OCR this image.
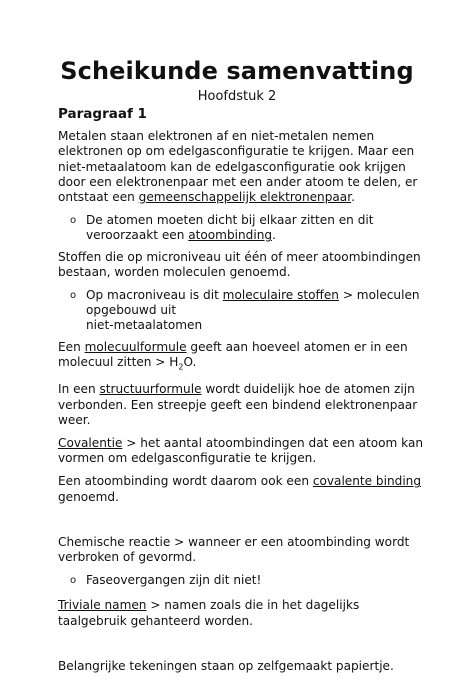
Scheikunde samenvatting
Hoofdstuk 2
Paragraaf 1

Metalen staan elektronen af en niet-metalen nemen elektronen op om edelgasconfiguratie te krijgen. Maar een niet-metaalatoom kan de edelgasconfiguratie ook krijgen door een elektronenpaar met een ander atoom te delen, er ontstaat een gemeenschappelijk elektronenpaar.

o De atomen moeten dicht bij elkaar zitten en dit veroorzaakt een atoombinding.

Stoffen die op microniveau uit één of meer atoombindingen bestaan, worden moleculen genoemd.

o Op macroniveau is dit moleculaire stoffen > moleculen opgebouwd uit
niet-metaalatomen

Een molecuulformule geeft aan hoeveel atomen er in een molecuul zitten > $H_2O$.

In een structuurformule wordt duidelijk hoe de atomen zijn verbonden. Een streepje geeft een bindend elektronenpaar weer.

Covalentie > het aantal atoombindingen dat een atoom kan vormen om edelgasconfiguratie te krijgen.

Een atoombinding wordt daarom ook een covalente binding genoemd.

Chemische reactie > wanneer er een atoombinding wordt verbroken of gevormd.

o Faseovergangen zijn dit niet!

Triviale namen > namen zoals die in het dagelijks taalgebruik gehanteerd worden.

Belangrijke tekeningen staan op zelfgemaakt papiertje.
